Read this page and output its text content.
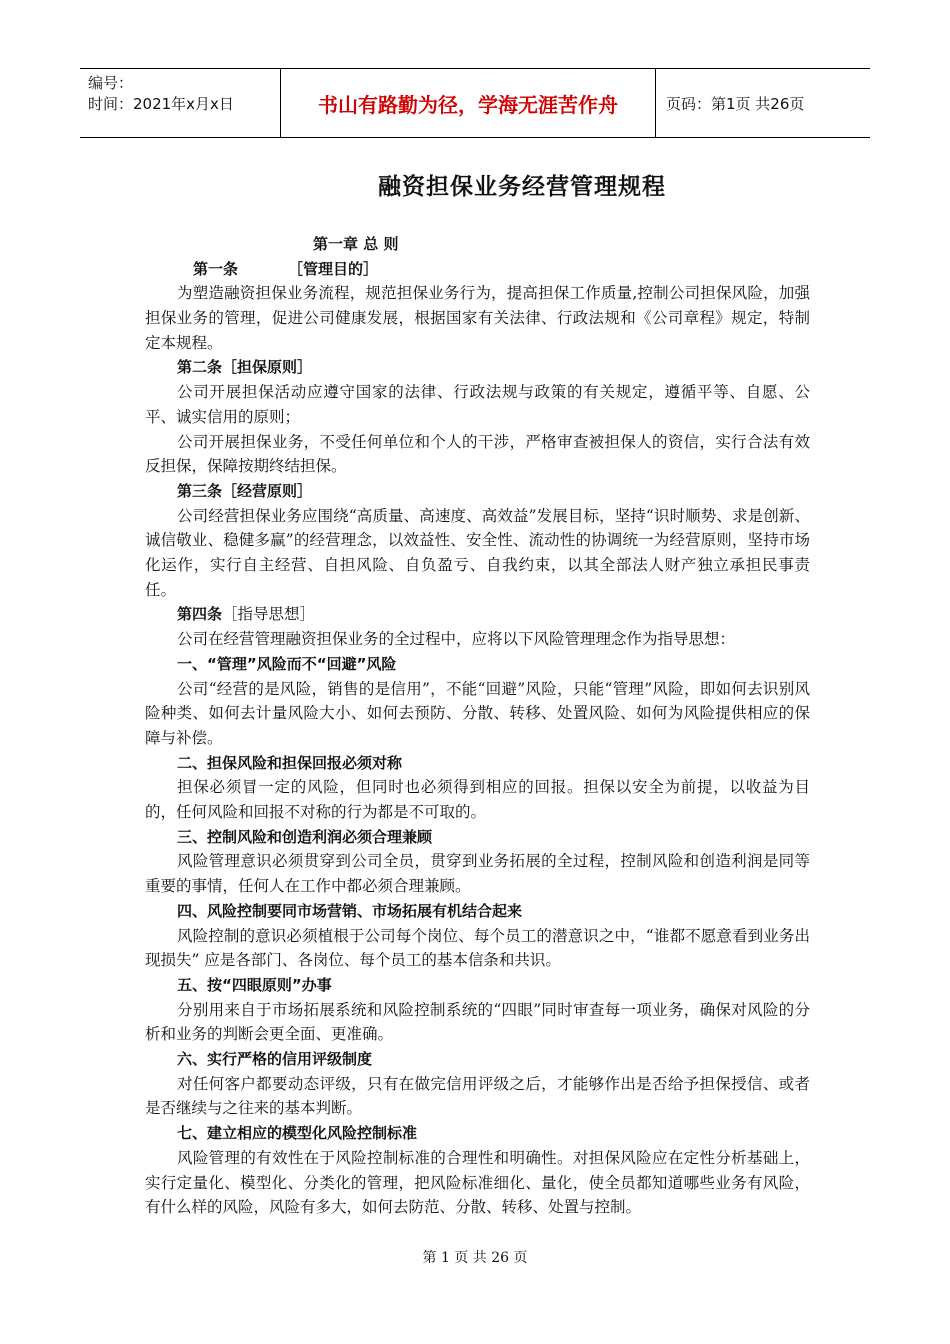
编号：
时间：2021年x月x日	书山有路勤为径，学海无涯苦作舟	页码：第1页 共26页
融资担保业务经营管理规程
第一章 总 则
第一条	［管理目的］

为塑造融资担保业务流程，规范担保业务行为，提高担保工作质量,控制公司担保风险，加强担保业务的管理，促进公司健康发展，根据国家有关法律、行政法规和《公司章程》规定，特制定本规程。

第二条［担保原则］

公司开展担保活动应遵守国家的法律、行政法规与政策的有关规定，遵循平等、自愿、公平、诚实信用的原则；

公司开展担保业务，不受任何单位和个人的干涉，严格审查被担保人的资信，实行合法有效反担保，保障按期终结担保。

第三条［经营原则］

公司经营担保业务应围绕“高质量、高速度、高效益”发展目标，坚持“识时顺势、求是创新、诚信敬业、稳健多赢”的经营理念，以效益性、安全性、流动性的协调统一为经营原则，坚持市场化运作，实行自主经营、自担风险、自负盈亏、自我约束，以其全部法人财产独立承担民事责任。

第四条［指导思想］

公司在经营管理融资担保业务的全过程中，应将以下风险管理理念作为指导思想：

一、“管理”风险而不“回避”风险

公司“经营的是风险，销售的是信用”，不能“回避”风险，只能“管理”风险，即如何去识别风险种类、如何去计量风险大小、如何去预防、分散、转移、处置风险、如何为风险提供相应的保障与补偿。

二、担保风险和担保回报必须对称

担保必须冒一定的风险，但同时也必须得到相应的回报。担保以安全为前提，以收益为目的，任何风险和回报不对称的行为都是不可取的。

三、控制风险和创造利润必须合理兼顾

风险管理意识必须贯穿到公司全员，贯穿到业务拓展的全过程，控制风险和创造利润是同等重要的事情，任何人在工作中都必须合理兼顾。

四、风险控制要同市场营销、市场拓展有机结合起来

风险控制的意识必须植根于公司每个岗位、每个员工的潜意识之中，“谁都不愿意看到业务出现损失” 应是各部门、各岗位、每个员工的基本信条和共识。

五、按“四眼原则”办事

分别用来自于市场拓展系统和风险控制系统的“四眼”同时审查每一项业务，确保对风险的分析和业务的判断会更全面、更准确。

六、实行严格的信用评级制度

对任何客户都要动态评级，只有在做完信用评级之后，才能够作出是否给予担保授信、或者是否继续与之往来的基本判断。

七、建立相应的模型化风险控制标准

风险管理的有效性在于风险控制标准的合理性和明确性。对担保风险应在定性分析基础上，实行定量化、模型化、分类化的管理，把风险标准细化、量化，使全员都知道哪些业务有风险，有什么样的风险，风险有多大，如何去防范、分散、转移、处置与控制。

第 1 页 共 26 页
